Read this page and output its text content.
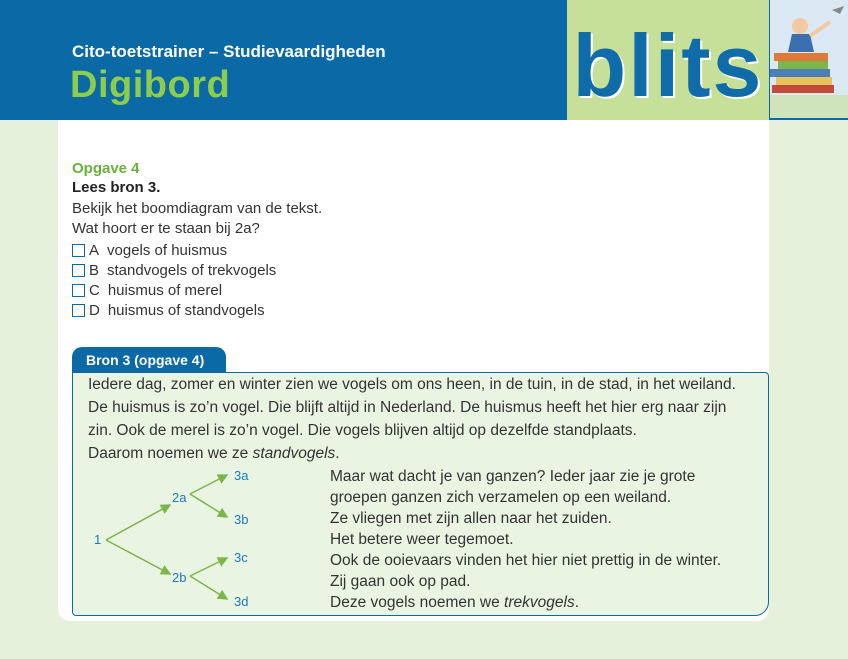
Cito-toetstrainer – Studievaardigheden
Digibord	blits
Opgave 4
Lees bron 3.
Bekijk het boomdiagram van de tekst.
Wat hoort er te staan bij 2a?
A vogels of huismus
B standvogels of trekvogels
C huismus of merel
D huismus of standvogels
Bron 3 (opgave 4)
Iedere dag, zomer en winter zien we vogels om ons heen, in de tuin, in de stad, in het weiland.
De huismus is zo’n vogel. Die blijft altijd in Nederland. De huismus heeft het hier erg naar zijn
zin. Ook de merel is zo’n vogel. Die vogels blijven altijd op dezelfde standplaats.
Daarom noemen we ze standvogels.
Maar wat dacht je van ganzen? Ieder jaar zie je grote
groepen ganzen zich verzamelen op een weiland.
Ze vliegen met zijn allen naar het zuiden.
Het betere weer tegemoet.
Ook de ooievaars vinden het hier niet prettig in de winter.
Zij gaan ook op pad.
Deze vogels noemen we trekvogels.
1
2a
2b
3a
3b
3c
3d
